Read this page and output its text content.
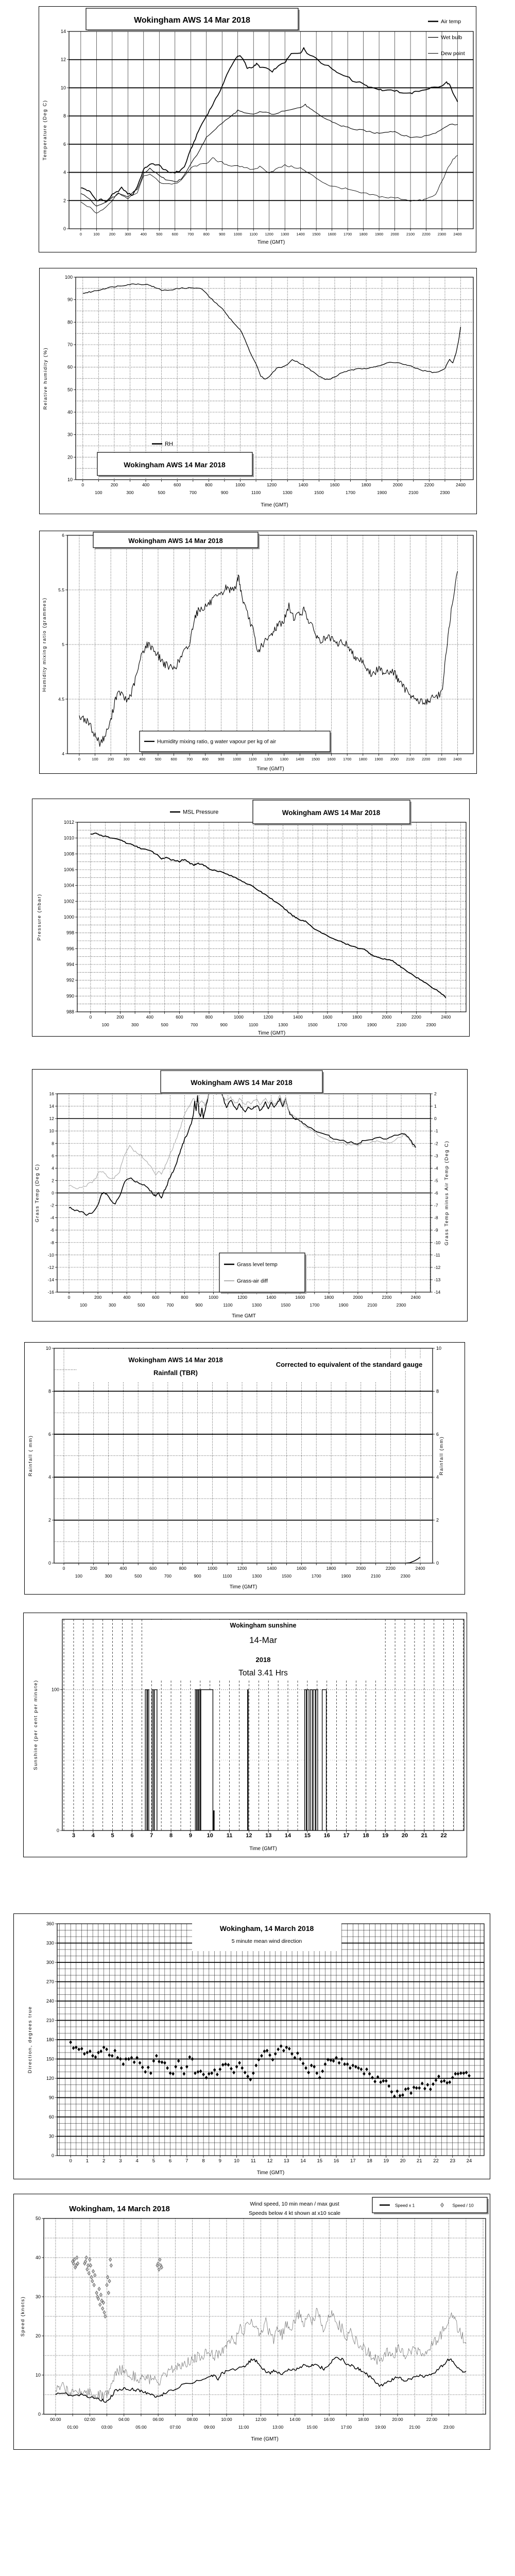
0	100	200	300	400	500	600	700	800	900 1000 1100 1200 1300 1400 1500 1600 1700 1800 1900 2000 2100 2200 2300 2400
0
2
4
6
8
10
12
14
Wokingham AWS 14 Mar 2018	Air temp
Wet bulb
Dew point
Temperature (Deg C)
Time (GMT)
0
100
200
300
400
500
600
700
800
900
1000
1100
1200
1300
1400
1500
1600
1700
1800
1900
2000
2100
2200
2300
2400
10
20
30
40
50
60
70
80
90
100
RH
Wokingham AWS 14 Mar 2018
Relative humidity (%)
Time (GMT)
0	100	200	300	400	500	600	700	800	900 1000 1100 1200 1300 1400 1500 1600 1700 1800 1900 2000 2100 2200 2300 2400
4
4.5
5
5.5
6
Wokingham AWS 14 Mar 2018
Humidity mixing ratio, g water vapour per kg of air
Humidity mixing ratio (grammes)
Time (GMT)
0
100
200
300
400
500
600
700
800
900
1000
1100
1200
1300
1400
1500
1600
1700
1800
1900
2000
2100
2200
2300
2400
988
990
992
994
996
998
1000
1002
1004
1006
1008
1010
1012
MSL Pressure	Wokingham AWS 14 Mar 2018
Pressure (mbar)
Time (GMT)
0
100
200
300
400
500
600
700
800
900
1000
1100
1200
1300
1400
1500
1600
1700
1800
1900
2000
2100
2200
2300
2400
-16
-14
-12
-10
-8
-6
-4
-2
0
2
4
6
8
10
12
14
16
-14
-13
-12
-11
-10
-9
-8
-7
-6
-5
-4
-3
-2
-1
0
1
2
Wokingham AWS 14 Mar 2018
Grass level temp
Grass-air diff
Grass Temp (Deg C)	Grass Temp minus Air Temp (Deg C)
Time GMT
0
100
200
300
400
500
600
700
800
900
1000
1100
1200
1300
1400
1500
1600
1700
1800
1900
2000
2100
2200
2300
2400
0
2
4
6
8
10
0
2
4
6
8
10
Wokingham AWS 14 Mar 2018
Rainfall (TBR)
Corrected to equivalent of the standard gauge
Rainfall ( mm)	Rainfall (mm)
Time (GMT)
3	4	5	6	7	8	9	10 11 12 13 14 15 16 17 18 19 20 21 22
0
100
Wokingham sunshine
14-Mar
2018
Total 3.41 Hrs
Sunshine (per cent per minute)
Time (GMT)
0	1	2	3	4	5	6	7	8	9	10 11 12 13 14 15 16 17 18 19 20 21 22 23 24
0
30
60
90
120
150
180
210
240
270
300
330
360
Wokingham, 14 March 2018
5 minute mean wind direction
Direction, degrees true
Time (GMT)
00:00
01:00
02:00
03:00
04:00
05:00
06:00
07:00
08:00
09:00
10:00
11:00
12:00
13:00
14:00
15:00
16:00
17:00
18:00
19:00
20:00
21:00
22:00
23:00
0
10
20
30
40
50
Wokingham, 14 March 2018
Wind speed, 10 min mean / max gust
Speeds below 4 kt shown at x10 scale
Speed x 1	Speed / 10
Speed (knots)
Time (GMT)
